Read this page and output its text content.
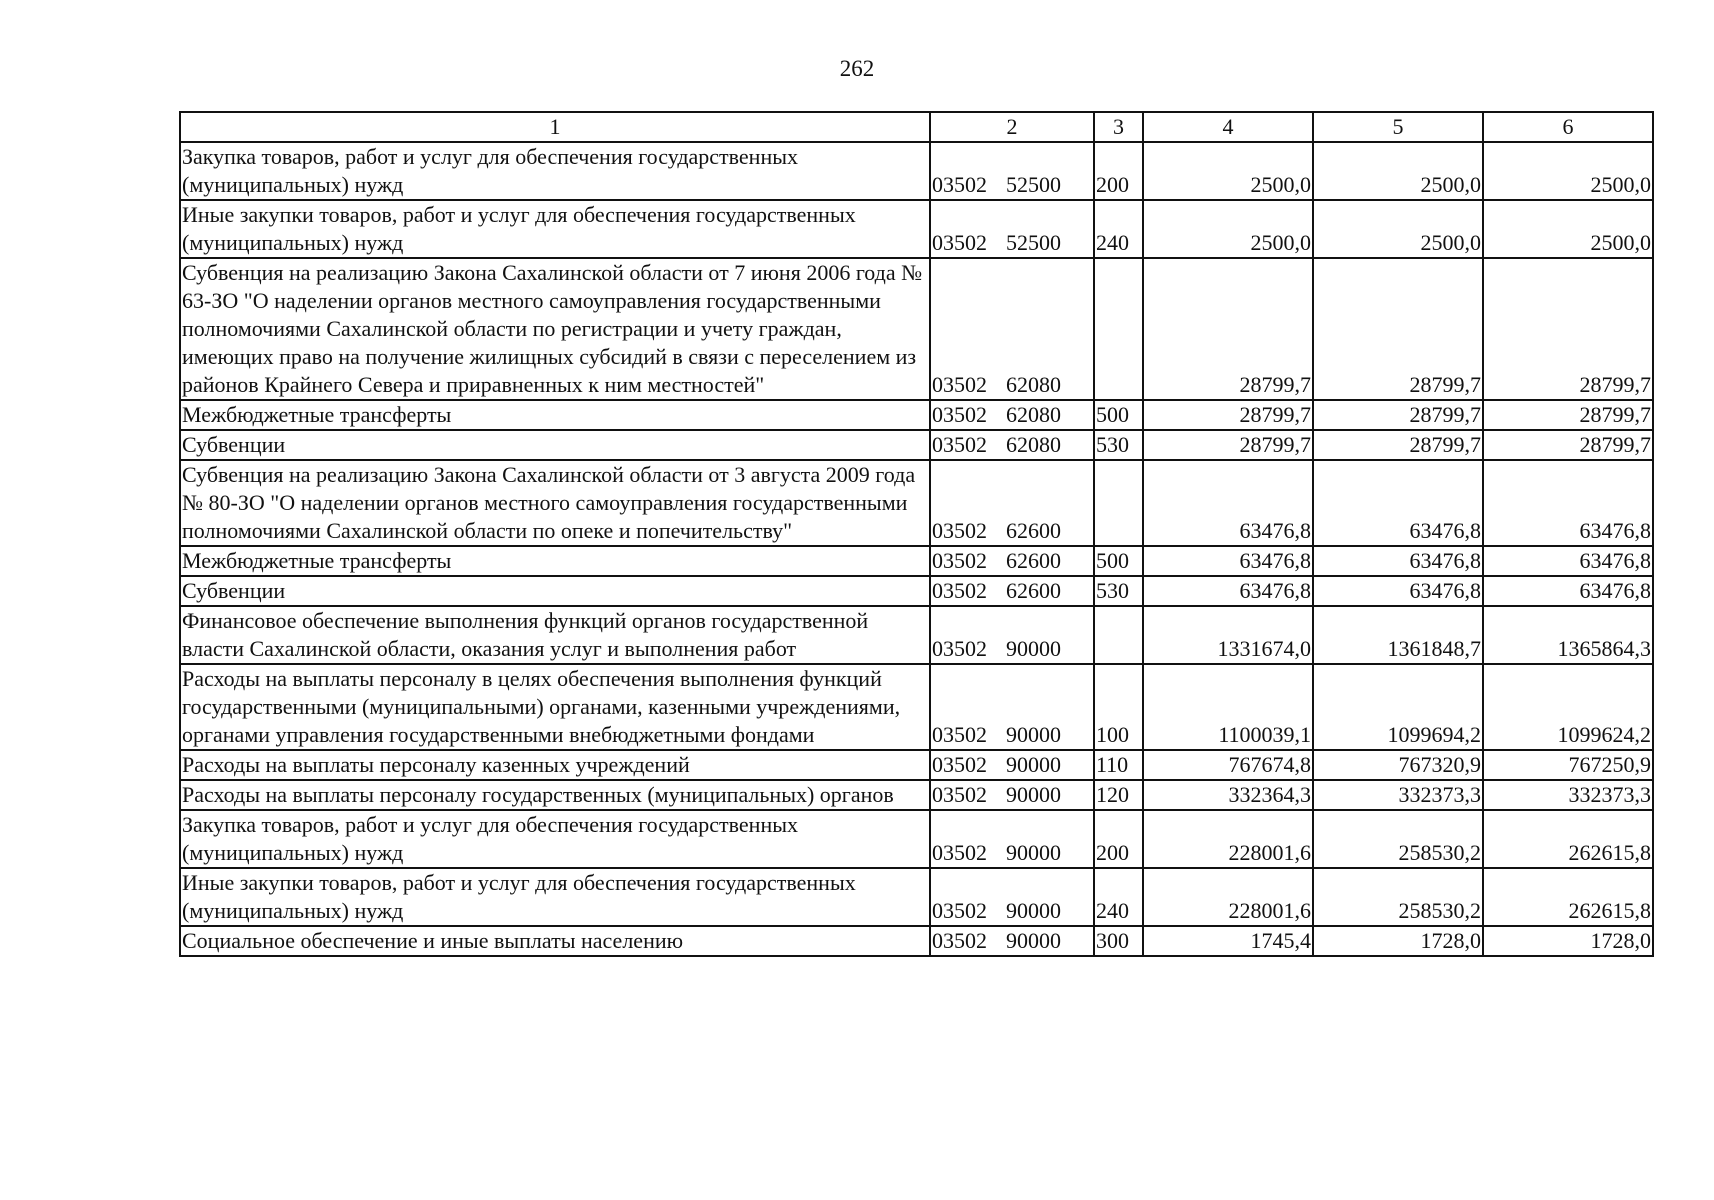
262
1	2	3	4	5	6
Закупка товаров, работ и услуг для обеспечения государственных (муниципальных) нужд	03502 52500	200	2500,0	2500,0	2500,0
Иные закупки товаров, работ и услуг для обеспечения государственных (муниципальных) нужд	03502 52500	240	2500,0	2500,0	2500,0
Субвенция на реализацию Закона Сахалинской области от 7 июня 2006 года № 63-ЗО "О наделении органов местного самоуправления государственными полномочиями Сахалинской области по регистрации и учету граждан, имеющих право на получение жилищных субсидий в связи с переселением из районов Крайнего Севера и приравненных к ним местностей"	03502 62080		28799,7	28799,7	28799,7
Межбюджетные трансферты	03502 62080	500	28799,7	28799,7	28799,7
Субвенции	03502 62080	530	28799,7	28799,7	28799,7
Субвенция на реализацию Закона Сахалинской области от 3 августа 2009 года № 80-ЗО "О наделении органов местного самоуправления государственными полномочиями Сахалинской области по опеке и попечительству"	03502 62600		63476,8	63476,8	63476,8
Межбюджетные трансферты	03502 62600	500	63476,8	63476,8	63476,8
Субвенции	03502 62600	530	63476,8	63476,8	63476,8
Финансовое обеспечение выполнения функций органов государственной власти Сахалинской области, оказания услуг и выполнения работ	03502 90000		1331674,0	1361848,7	1365864,3
Расходы на выплаты персоналу в целях обеспечения выполнения функций государственными (муниципальными) органами, казенными учреждениями, органами управления государственными внебюджетными фондами	03502 90000	100	1100039,1	1099694,2	1099624,2
Расходы на выплаты персоналу казенных учреждений	03502 90000	110	767674,8	767320,9	767250,9
Расходы на выплаты персоналу государственных (муниципальных) органов	03502 90000	120	332364,3	332373,3	332373,3
Закупка товаров, работ и услуг для обеспечения государственных (муниципальных) нужд	03502 90000	200	228001,6	258530,2	262615,8
Иные закупки товаров, работ и услуг для обеспечения государственных (муниципальных) нужд	03502 90000	240	228001,6	258530,2	262615,8
Социальное обеспечение и иные выплаты населению	03502 90000	300	1745,4	1728,0	1728,0
